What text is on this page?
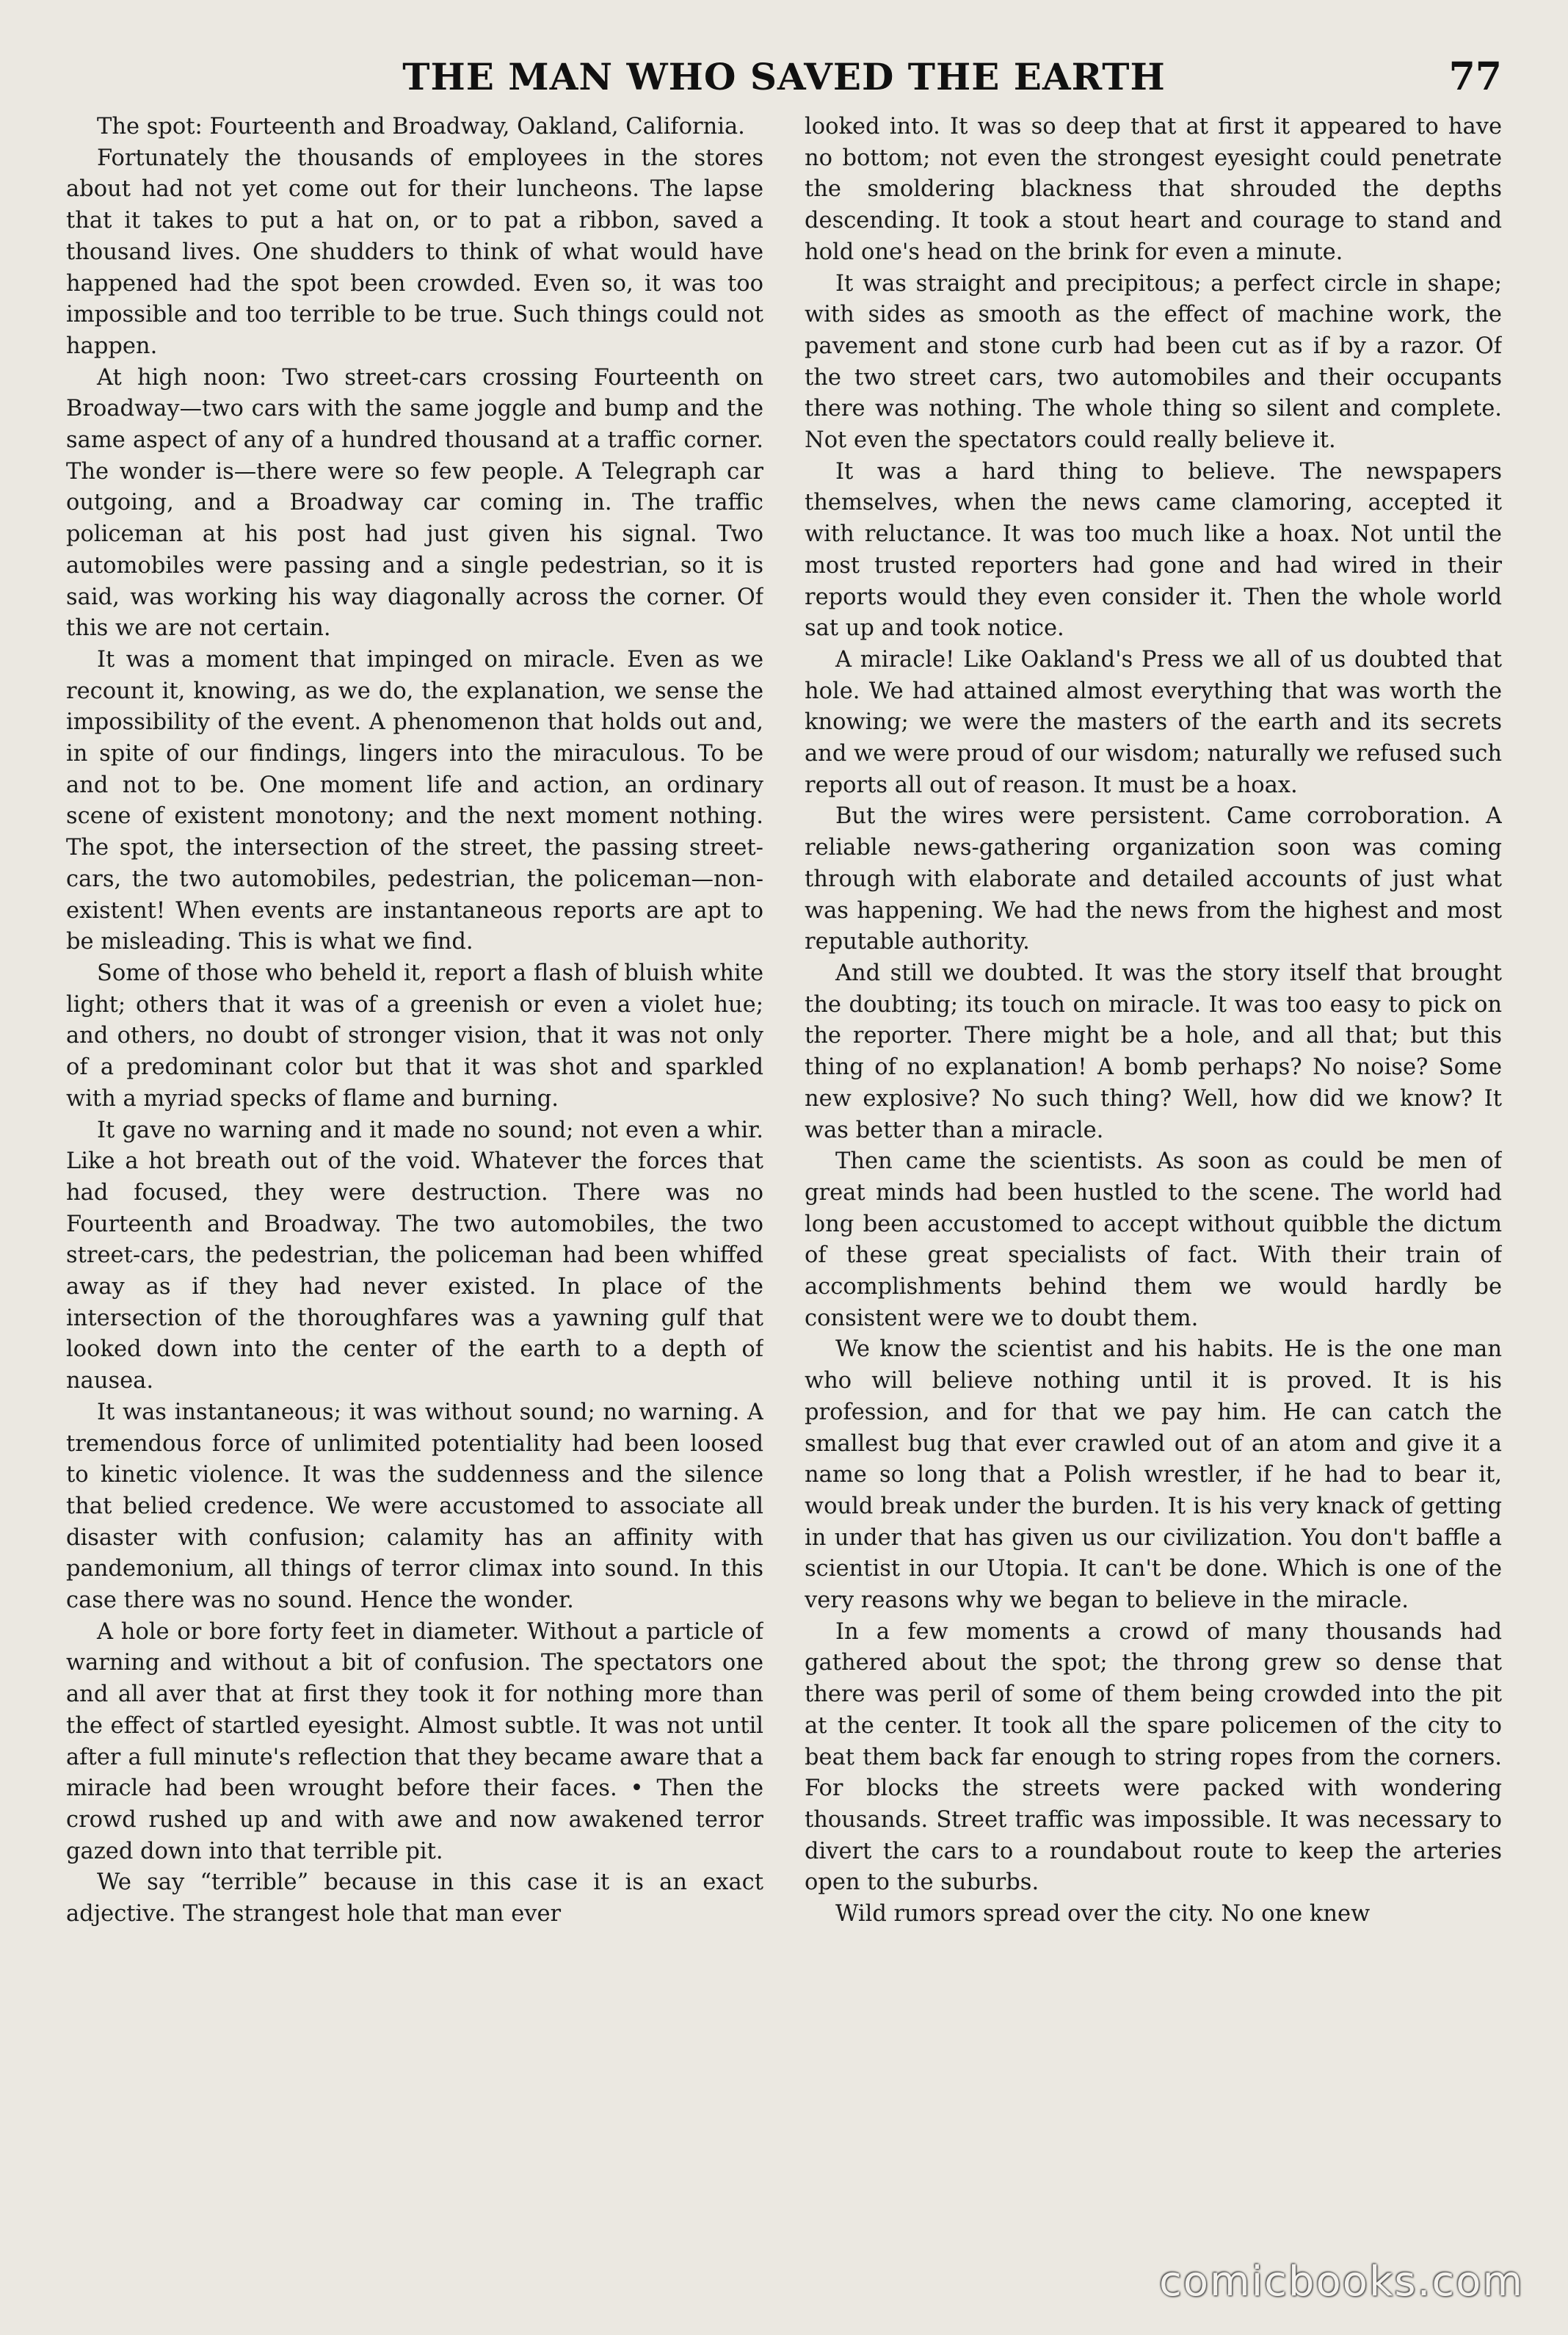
THE MAN WHO SAVED THE EARTH	77

The spot: Fourteenth and Broadway, Oakland, California.

Fortunately the thousands of employees in the stores about had not yet come out for their luncheons. The lapse that it takes to put a hat on, or to pat a ribbon, saved a thousand lives. One shudders to think of what would have happened had the spot been crowded. Even so, it was too impossible and too terrible to be true. Such things could not happen.

At high noon: Two street-cars crossing Fourteenth on Broadway—two cars with the same joggle and bump and the same aspect of any of a hundred thousand at a traffic corner. The wonder is—there were so few people. A Telegraph car outgoing, and a Broadway car coming in. The traffic policeman at his post had just given his signal. Two automobiles were passing and a single pedestrian, so it is said, was working his way diagonally across the corner. Of this we are not certain.

It was a moment that impinged on miracle. Even as we recount it, knowing, as we do, the explanation, we sense the impossibility of the event. A phenomenon that holds out and, in spite of our findings, lingers into the miraculous. To be and not to be. One moment life and action, an ordinary scene of existent monotony; and the next moment nothing. The spot, the intersection of the street, the passing street-cars, the two automobiles, pedestrian, the policeman—non-existent! When events are instantaneous reports are apt to be misleading. This is what we find.

Some of those who beheld it, report a flash of bluish white light; others that it was of a greenish or even a violet hue; and others, no doubt of stronger vision, that it was not only of a predominant color but that it was shot and sparkled with a myriad specks of flame and burning.

It gave no warning and it made no sound; not even a whir. Like a hot breath out of the void. Whatever the forces that had focused, they were destruction. There was no Fourteenth and Broadway. The two automobiles, the two street-cars, the pedestrian, the policeman had been whiffed away as if they had never existed. In place of the intersection of the thoroughfares was a yawning gulf that looked down into the center of the earth to a depth of nausea.

It was instantaneous; it was without sound; no warning. A tremendous force of unlimited potentiality had been loosed to kinetic violence. It was the suddenness and the silence that belied credence. We were accustomed to associate all disaster with confusion; calamity has an affinity with pandemonium, all things of terror climax into sound. In this case there was no sound. Hence the wonder.

A hole or bore forty feet in diameter. Without a particle of warning and without a bit of confusion. The spectators one and all aver that at first they took it for nothing more than the effect of startled eyesight. Almost subtle. It was not until after a full minute's reflection that they became aware that a miracle had been wrought before their faces. • Then the crowd rushed up and with awe and now awakened terror gazed down into that terrible pit.

We say “terrible” because in this case it is an exact adjective. The strangest hole that man ever

looked into. It was so deep that at first it appeared to have no bottom; not even the strongest eyesight could penetrate the smoldering blackness that shrouded the depths descending. It took a stout heart and courage to stand and hold one's head on the brink for even a minute.

It was straight and precipitous; a perfect circle in shape; with sides as smooth as the effect of machine work, the pavement and stone curb had been cut as if by a razor. Of the two street cars, two automobiles and their occupants there was nothing. The whole thing so silent and complete. Not even the spectators could really believe it.

It was a hard thing to believe. The newspapers themselves, when the news came clamoring, accepted it with reluctance. It was too much like a hoax. Not until the most trusted reporters had gone and had wired in their reports would they even consider it. Then the whole world sat up and took notice.

A miracle! Like Oakland's Press we all of us doubted that hole. We had attained almost everything that was worth the knowing; we were the masters of the earth and its secrets and we were proud of our wisdom; naturally we refused such reports all out of reason. It must be a hoax.

But the wires were persistent. Came corroboration. A reliable news-gathering organization soon was coming through with elaborate and detailed accounts of just what was happening. We had the news from the highest and most reputable authority.

And still we doubted. It was the story itself that brought the doubting; its touch on miracle. It was too easy to pick on the reporter. There might be a hole, and all that; but this thing of no explanation! A bomb perhaps? No noise? Some new explosive? No such thing? Well, how did we know? It was better than a miracle.

Then came the scientists. As soon as could be men of great minds had been hustled to the scene. The world had long been accustomed to accept without quibble the dictum of these great specialists of fact. With their train of accomplishments behind them we would hardly be consistent were we to doubt them.

We know the scientist and his habits. He is the one man who will believe nothing until it is proved. It is his profession, and for that we pay him. He can catch the smallest bug that ever crawled out of an atom and give it a name so long that a Polish wrestler, if he had to bear it, would break under the burden. It is his very knack of getting in under that has given us our civilization. You don't baffle a scientist in our Utopia. It can't be done. Which is one of the very reasons why we began to believe in the miracle.

In a few moments a crowd of many thousands had gathered about the spot; the throng grew so dense that there was peril of some of them being crowded into the pit at the center. It took all the spare policemen of the city to beat them back far enough to string ropes from the corners. For blocks the streets were packed with wondering thousands. Street traffic was impossible. It was necessary to divert the cars to a roundabout route to keep the arteries open to the suburbs.

Wild rumors spread over the city. No one knew

comicbooks.com
